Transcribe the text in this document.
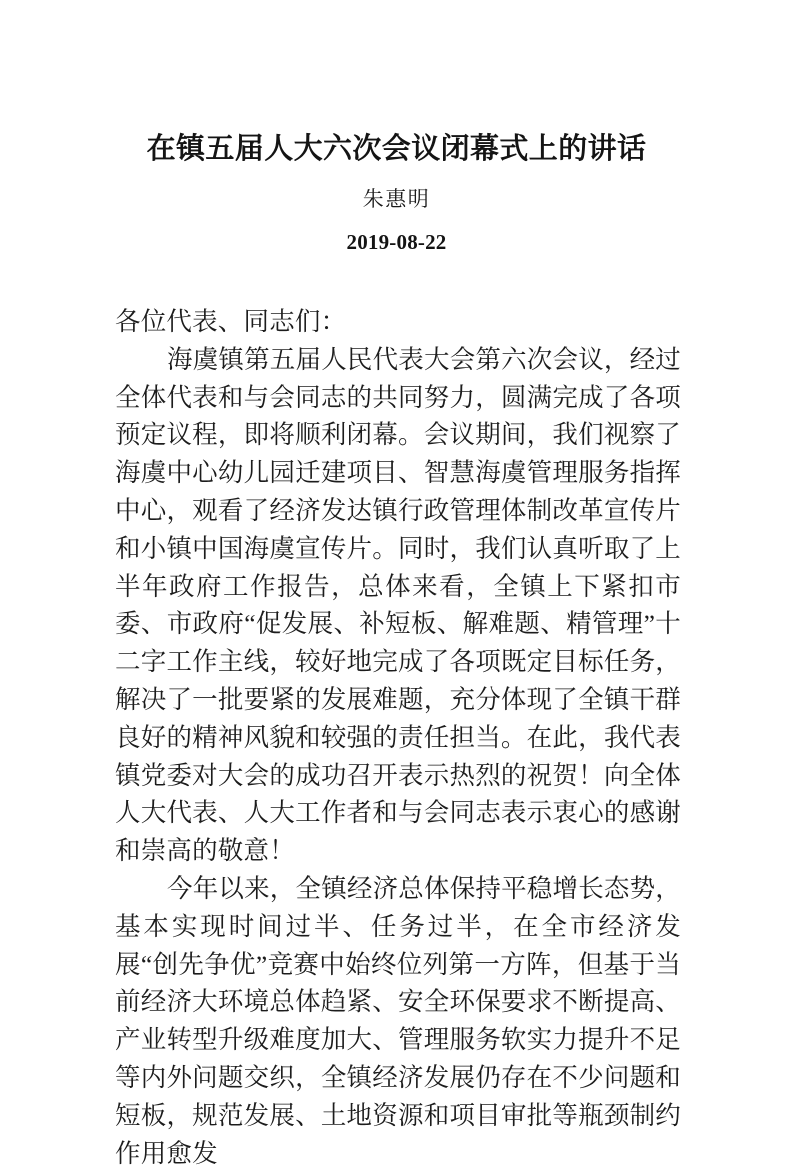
在镇五届人大六次会议闭幕式上的讲话
朱惠明
2019-08-22

各位代表、同志们：

海虞镇第五届人民代表大会第六次会议，经过全体代表和与会同志的共同努力，圆满完成了各项预定议程，即将顺利闭幕。会议期间，我们视察了海虞中心幼儿园迁建项目、智慧海虞管理服务指挥中心，观看了经济发达镇行政管理体制改革宣传片和小镇中国海虞宣传片。同时，我们认真听取了上半年政府工作报告，总体来看，全镇上下紧扣市委、市政府“促发展、补短板、解难题、精管理”十二字工作主线，较好地完成了各项既定目标任务，解决了一批要紧的发展难题，充分体现了全镇干群良好的精神风貌和较强的责任担当。在此，我代表镇党委对大会的成功召开表示热烈的祝贺！向全体人大代表、人大工作者和与会同志表示衷心的感谢和崇高的敬意！

今年以来，全镇经济总体保持平稳增长态势，基本实现时间过半、任务过半，在全市经济发展“创先争优”竞赛中始终位列第一方阵，但基于当前经济大环境总体趋紧、安全环保要求不断提高、产业转型升级难度加大、管理服务软实力提升不足等内外问题交织，全镇经济发展仍存在不少问题和短板，规范发展、土地资源和项目审批等瓶颈制约作用愈发
